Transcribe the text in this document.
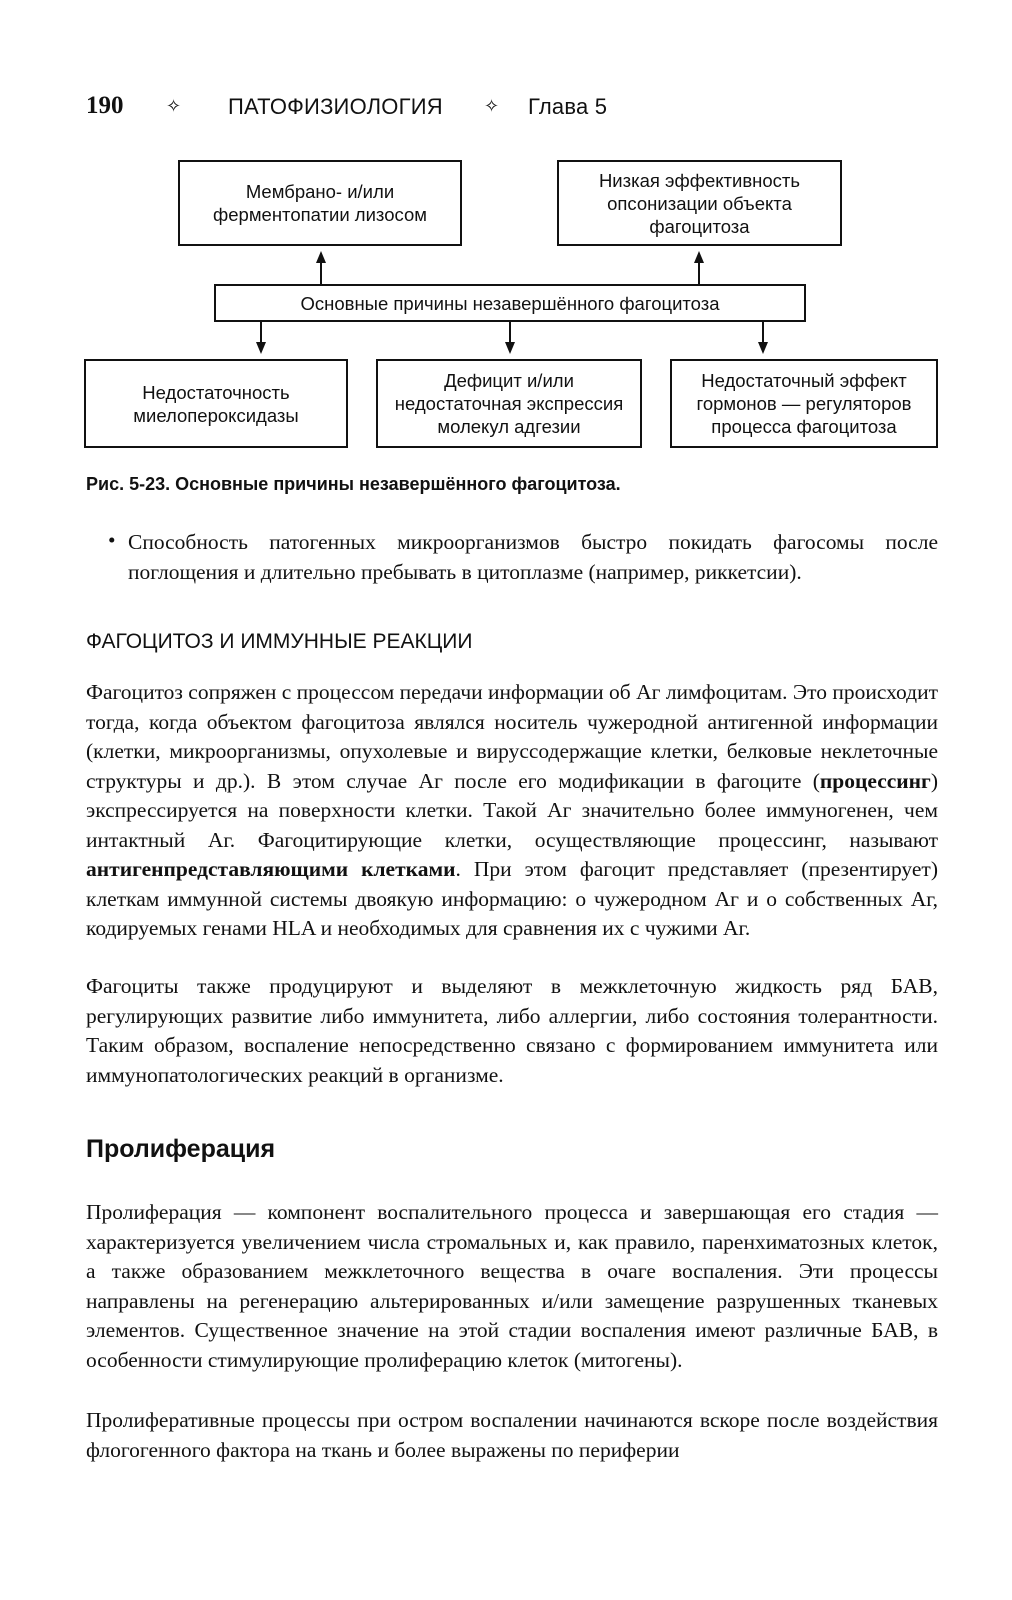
190 ✧ ПАТОФИЗИОЛОГИЯ ✧ Глава 5
Мембрано- и/или
ферментопатии лизосом
Низкая эффективность
опсонизации объекта
фагоцитоза
Основные причины незавершённого фагоцитоза
Недостаточность
миелопероксидазы
Дефицит и/или
недостаточная экспрессия
молекул адгезии
Недостаточный эффект
гормонов — регуляторов
процесса фагоцитоза
Рис. 5-23. Основные причины незавершённого фагоцитоза.
• Способность патогенных микроорганизмов быстро покидать фагосомы после поглощения и длительно пребывать в цитоплазме (например, риккетсии).
ФАГОЦИТОЗ И ИММУННЫЕ РЕАКЦИИ
Фагоцитоз сопряжен с процессом передачи информации об Аг лимфоцитам. Это происходит тогда, когда объектом фагоцитоза являлся носитель чужеродной антигенной информации (клетки, микроорганизмы, опухолевые и вируссодержащие клетки, белковые неклеточные структуры и др.). В этом случае Аг после его модификации в фагоците (процессинг) экспрессируется на поверхности клетки. Такой Аг значительно более иммуногенен, чем интактный Аг. Фагоцитирующие клетки, осуществляющие процессинг, называют антигенпредставляющими клетками. При этом фагоцит представляет (презентирует) клеткам иммунной системы двоякую информацию: о чужеродном Аг и о собственных Аг, кодируемых генами HLA и необходимых для сравнения их с чужими Аг.
Фагоциты также продуцируют и выделяют в межклеточную жидкость ряд БАВ, регулирующих развитие либо иммунитета, либо аллергии, либо состояния толерантности. Таким образом, воспаление непосредственно связано с формированием иммунитета или иммунопатологических реакций в организме.
Пролиферация
Пролиферация — компонент воспалительного процесса и завершающая его стадия — характеризуется увеличением числа стромальных и, как правило, паренхиматозных клеток, а также образованием межклеточного вещества в очаге воспаления. Эти процессы направлены на регенерацию альтерированных и/или замещение разрушенных тканевых элементов. Существенное значение на этой стадии воспаления имеют различные БАВ, в особенности стимулирующие пролиферацию клеток (митогены).
Пролиферативные процессы при остром воспалении начинаются вскоре после воздействия флогогенного фактора на ткань и более выражены по периферии
